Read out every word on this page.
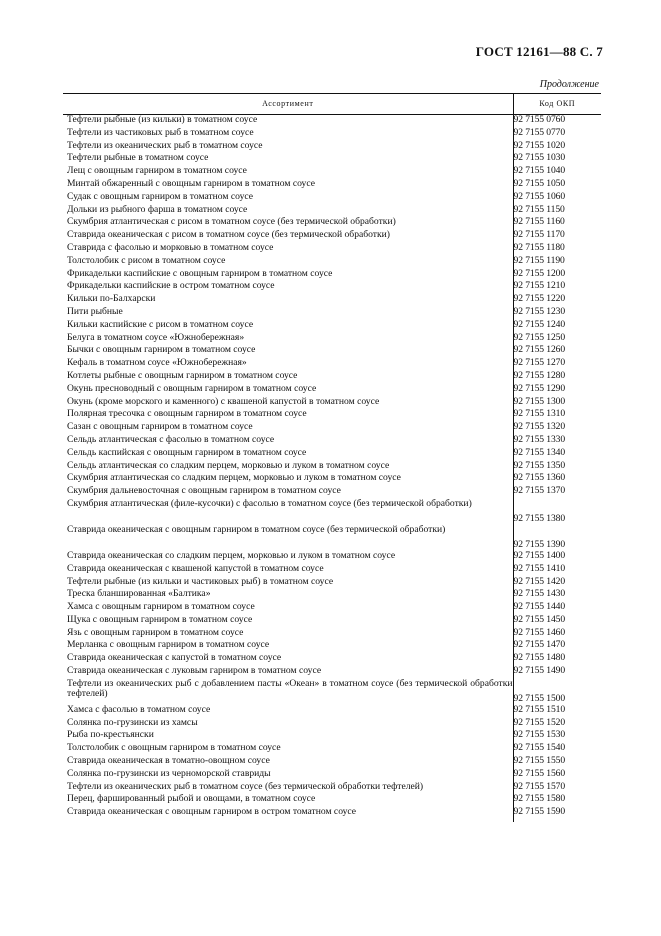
ГОСТ 12161—88 С. 7
Продолжение
Ассортимент	Код ОКП
Тефтели рыбные (из кильки) в томатном соусе	92 7155 0760
Тефтели из частиковых рыб в томатном соусе	92 7155 0770
Тефтели из океанических рыб в томатном соусе	92 7155 1020
Тефтели рыбные в томатном соусе	92 7155 1030
Лещ с овощным гарниром в томатном соусе	92 7155 1040
Минтай обжаренный с овощным гарниром в томатном соусе	92 7155 1050
Судак с овощным гарниром в томатном соусе	92 7155 1060
Дольки из рыбного фарша в томатном соусе	92 7155 1150
Скумбрия атлантическая с рисом в томатном соусе (без термической обработки)	92 7155 1160
Ставрида океаническая с рисом в томатном соусе (без термической обработки)	92 7155 1170
Ставрида с фасолью и морковью в томатном соусе	92 7155 1180
Толстолобик с рисом в томатном соусе	92 7155 1190
Фрикадельки каспийские с овощным гарниром в томатном соусе	92 7155 1200
Фрикадельки каспийские в остром томатном соусе	92 7155 1210
Кильки по-Балхарски	92 7155 1220
Пити рыбные	92 7155 1230
Кильки каспийские с рисом в томатном соусе	92 7155 1240
Белуга в томатном соусе «Южнобережная»	92 7155 1250
Бычки с овощным гарниром в томатном соусе	92 7155 1260
Кефаль в томатном соусе «Южнобережная»	92 7155 1270
Котлеты рыбные с овощным гарниром в томатном соусе	92 7155 1280
Окунь пресноводный с овощным гарниром в томатном соусе	92 7155 1290
Окунь (кроме морского и каменного) с квашеной капустой в томатном соусе	92 7155 1300
Полярная тресочка с овощным гарниром в томатном соусе	92 7155 1310
Сазан с овощным гарниром в томатном соусе	92 7155 1320
Сельдь атлантическая с фасолью в томатном соусе	92 7155 1330
Сельдь каспийская с овощным гарниром в томатном соусе	92 7155 1340
Сельдь атлантическая со сладким перцем, морковью и луком в томатном соусе	92 7155 1350
Скумбрия атлантическая со сладким перцем, морковью и луком в томатном соусе	92 7155 1360
Скумбрия дальневосточная с овощным гарниром в томатном соусе	92 7155 1370
Скумбрия атлантическая (филе-кусочки) с фасолью в томатном соусе (без термической обработки)	92 7155 1380
Ставрида океаническая с овощным гарниром в томатном соусе (без термической обработки)	92 7155 1390
Ставрида океаническая со сладким перцем, морковью и луком в томатном соусе	92 7155 1400
Ставрида океаническая с квашеной капустой в томатном соусе	92 7155 1410
Тефтели рыбные (из кильки и частиковых рыб) в томатном соусе	92 7155 1420
Треска бланшированная «Балтика»	92 7155 1430
Хамса с овощным гарниром в томатном соусе	92 7155 1440
Щука с овощным гарниром в томатном соусе	92 7155 1450
Язь с овощным гарниром в томатном соусе	92 7155 1460
Мерланка с овощным гарниром в томатном соусе	92 7155 1470
Ставрида океаническая с капустой в томатном соусе	92 7155 1480
Ставрида океаническая с луковым гарниром в томатном соусе	92 7155 1490
Тефтели из океанических рыб с добавлением пасты «Океан» в томатном соусе (без термической обработки тефтелей)	92 7155 1500
Хамса с фасолью в томатном соусе	92 7155 1510
Солянка по-грузински из хамсы	92 7155 1520
Рыба по-крестьянски	92 7155 1530
Толстолобик с овощным гарниром в томатном соусе	92 7155 1540
Ставрида океаническая в томатно-овощном соусе	92 7155 1550
Солянка по-грузински из черноморской ставриды	92 7155 1560
Тефтели из океанических рыб в томатном соусе (без термической обработки тефтелей)	92 7155 1570
Перец, фаршированный рыбой и овощами, в томатном соусе	92 7155 1580
Ставрида океаническая с овощным гарниром в остром томатном соусе	92 7155 1590
